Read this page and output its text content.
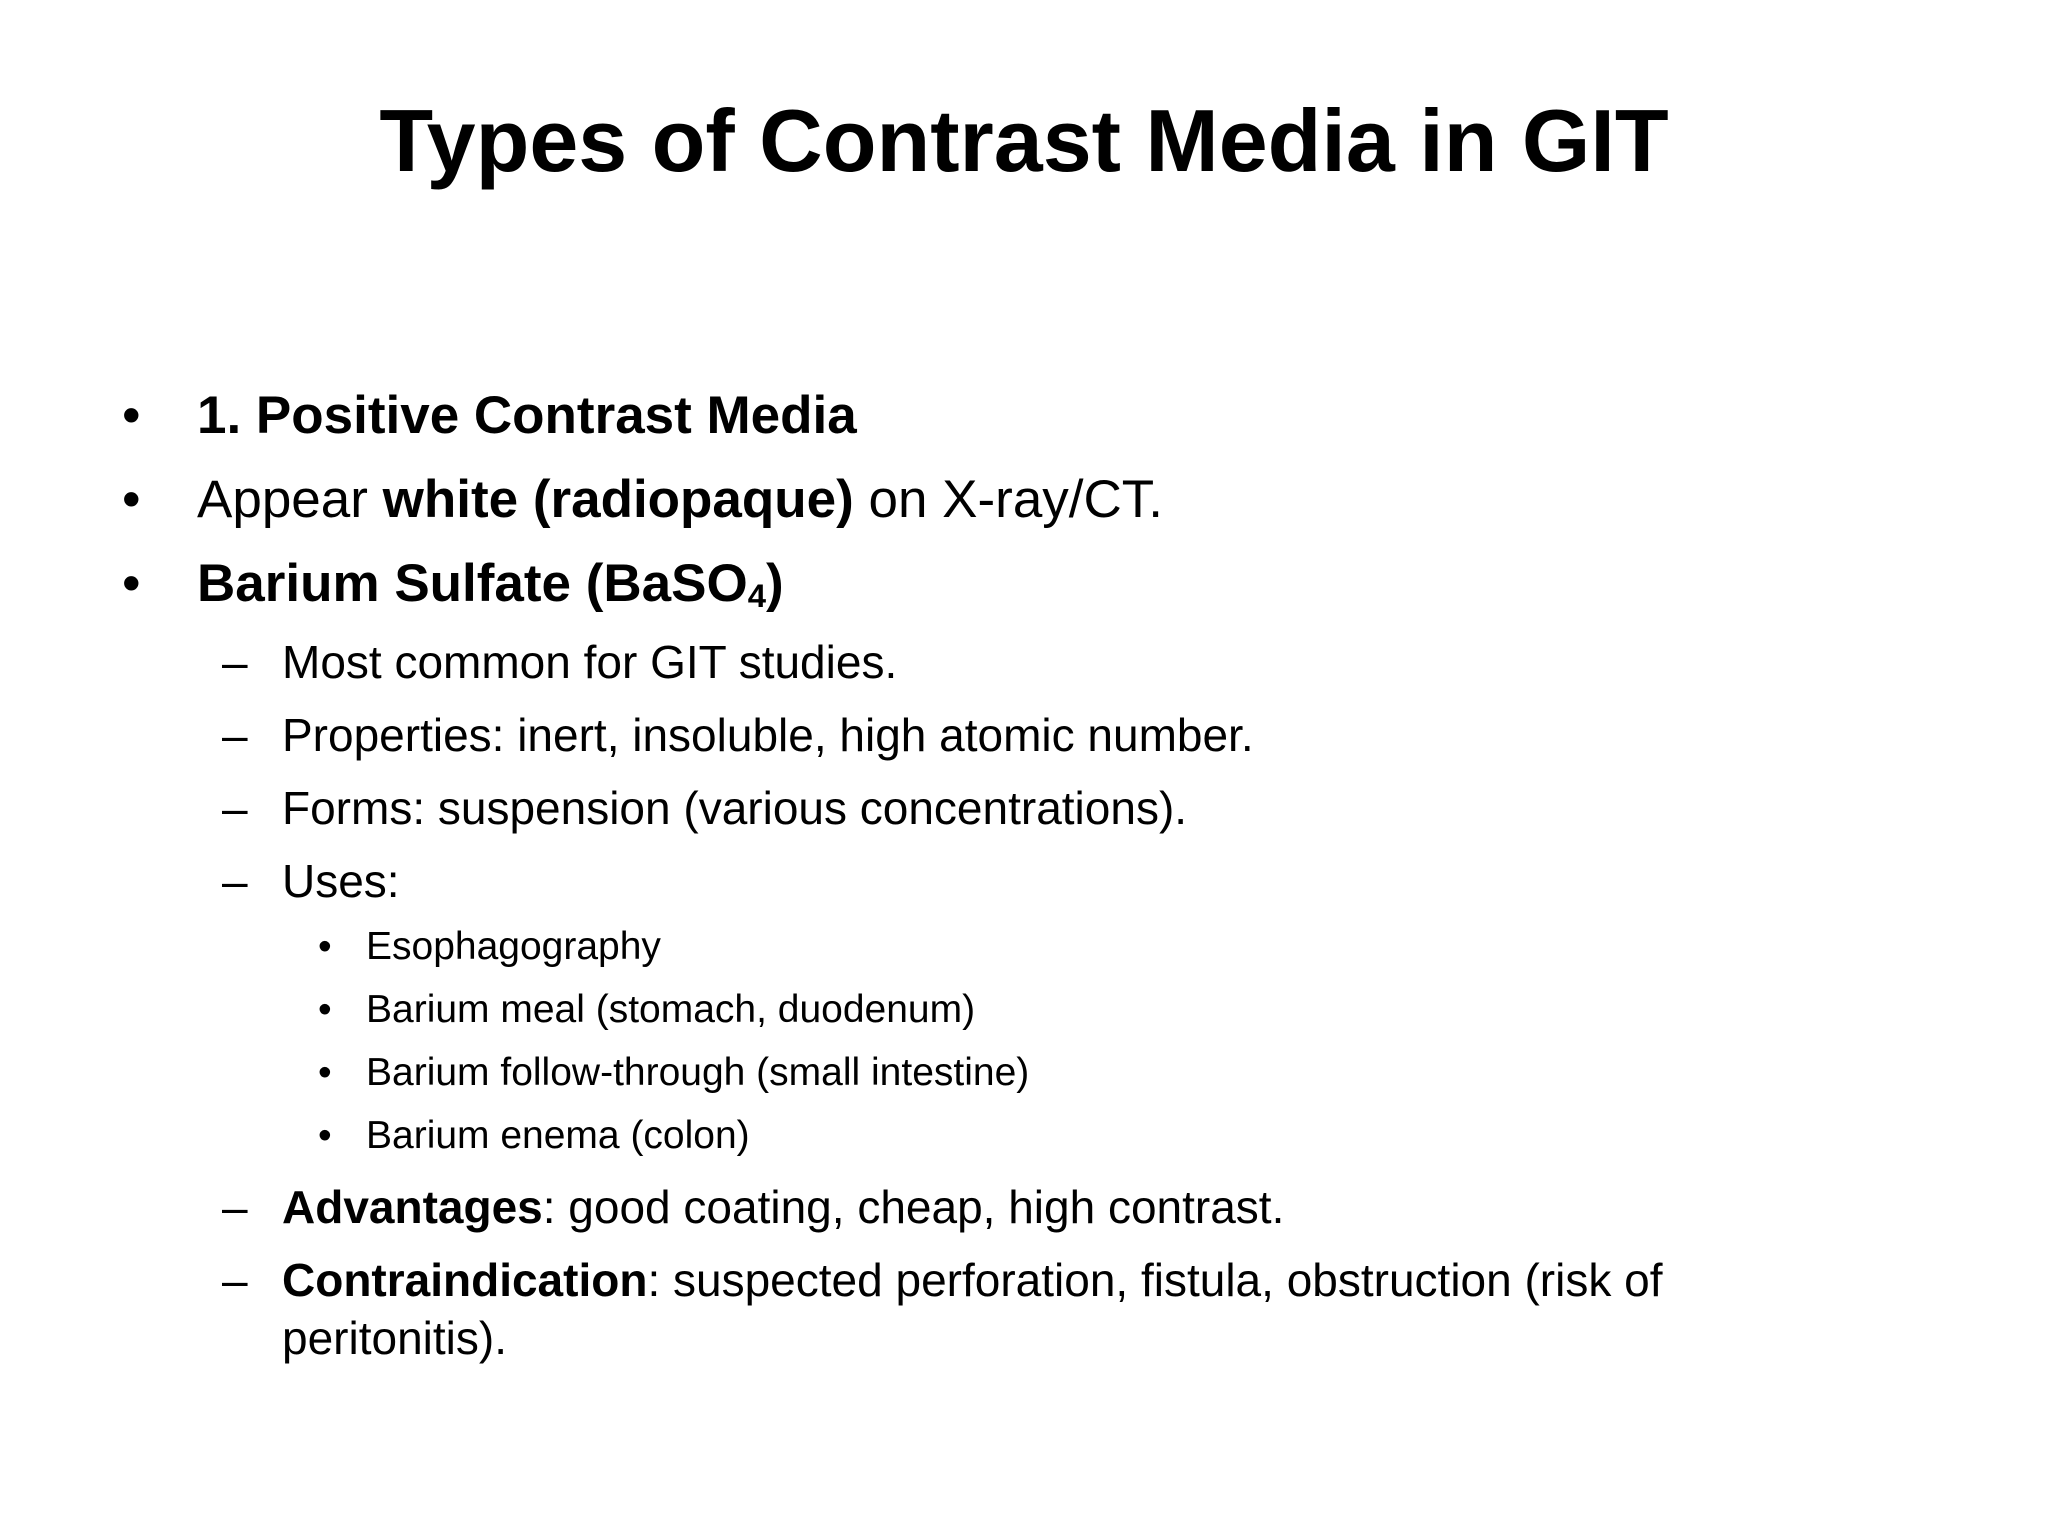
Types of Contrast Media in GIT
• 1. Positive Contrast Media
• Appear white (radiopaque) on X-ray/CT.
• Barium Sulfate (BaSO$_4$)
– Most common for GIT studies.
– Properties: inert, insoluble, high atomic number.
– Forms: suspension (various concentrations).
– Uses:
• Esophagography
• Barium meal (stomach, duodenum)
• Barium follow-through (small intestine)
• Barium enema (colon)
– Advantages: good coating, cheap, high contrast.
– Contraindication: suspected perforation, fistula, obstruction (risk of
peritonitis).
